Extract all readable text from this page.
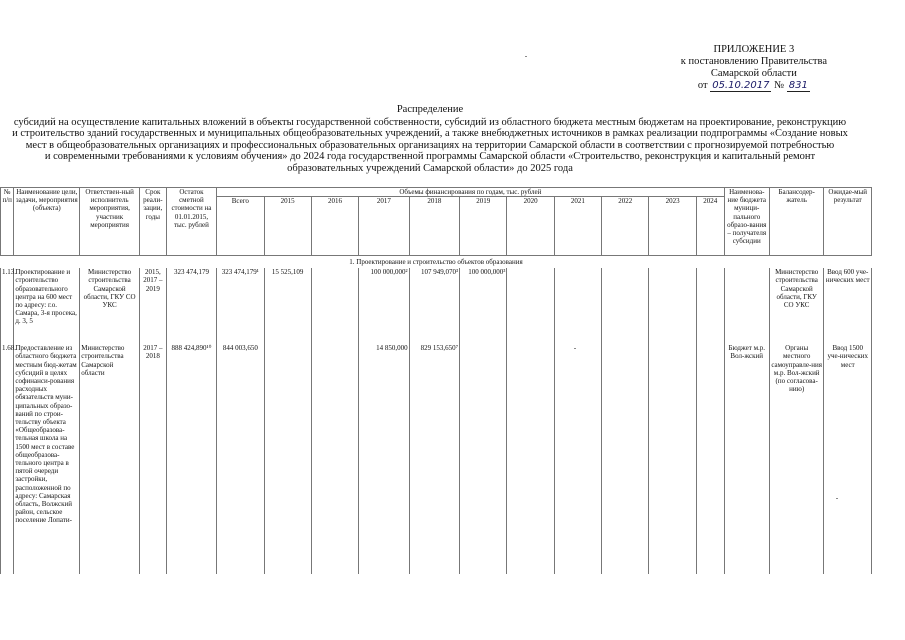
ПРИЛОЖЕНИЕ 3
к постановлению Правительства
Самарской области
от 05.10.2017 № 831
Распределение
субсидий на осуществление капитальных вложений в объекты государственной собственности, субсидий из областного бюджета местным бюджетам на проектирование, реконструкцию
и строительство зданий государственных и муниципальных общеобразовательных учреждений, а также внебюджетных источников в рамках реализации подпрограммы «Создание новых
мест в общеобразовательных организациях и профессиональных образовательных организациях на территории Самарской области в соответствии с прогнозируемой потребностью
и современными требованиями к условиям обучения» до 2024 года государственной программы Самарской области «Строительство, реконструкция и капитальный ремонт
образовательных учреждений Самарской области» до 2025 года
№ п/п	Наименование цели, задачи, мероприятия (объекта)	Ответствен-ный исполнитель мероприятия, участник мероприятия	Срок реали-зации, годы	Остаток сметной стоимости на 01.01.2015, тыс. рублей	Объемы финансирования по годам, тыс. рублей											Наименова-ние бюджета муници-пального образо-вания – получателя субсидии	Балансодер-жатель	Ожидае-мый результат
					Всего	2015	2016	2017	2018	2019	2020	2021	2022	2023	2024			
1. Проектирование и строительство объектов образования																		
1.13.	Проектирование и строительство образовательного центра на 600 мест по адресу: г.о. Самара, 3-я просека, д. 3, 5	Министерство строительства Самарской области, ГКУ СО УКС	2015, 2017 – 2019	323 474,179	323 474,179¹	15 525,109		100 000,000²	107 949,070³	100 000,000³							Министерство строительства Самарской области, ГКУ СО УКС	Ввод 600 уче-нических мест
1.68.	Предоставление из областного бюджета местным бюд-жетам субсидий в целях софинанси-рования расходных обязательств муни-ципальных образо-ваний по строи-тельству объекта «Общеобразова-тельная школа на 1500 мест в составе общеобразова-тельного центра в пятой очереди застройки, расположенной по адресу: Самарская область, Волжский район, сельское поселение Лопати-	Министерство строительства Самарской области	2017 – 2018	888 424,890¹⁰	844 003,650			14 850,000	829 153,650⁷							Бюджет м.р. Вол-жский	Органы местного самоуправле-ния м.р. Вол-жский (по согласова-нию)	Ввод 1500 уче-нических мест
